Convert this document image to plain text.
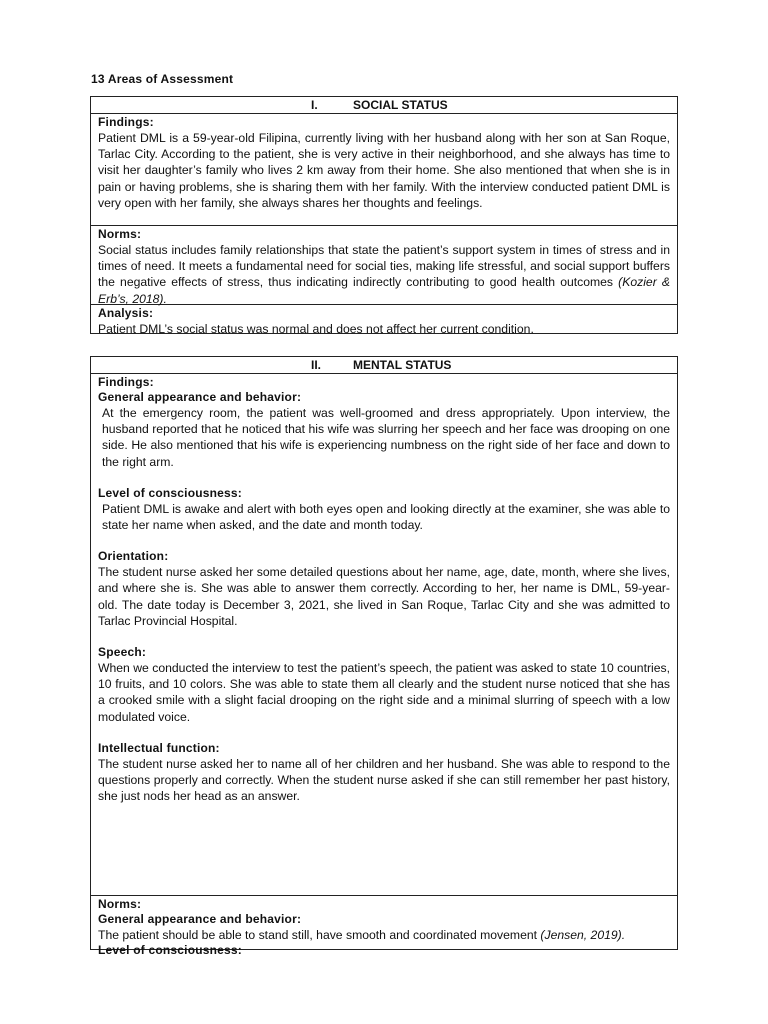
13 Areas of Assessment
I.	SOCIAL STATUS
Findings:

Patient DML is a 59-year-old Filipina, currently living with her husband along with her son at San Roque, Tarlac City. According to the patient, she is very active in their neighborhood, and she always has time to visit her daughter’s family who lives 2 km away from their home. She also mentioned that when she is in pain or having problems, she is sharing them with her family. With the interview conducted patient DML is very open with her family, she always shares her thoughts and feelings.

Norms:

Social status includes family relationships that state the patient’s support system in times of stress and in times of need. It meets a fundamental need for social ties, making life stressful, and social support buffers the negative effects of stress, thus indicating indirectly contributing to good health outcomes (Kozier & Erb’s, 2018).

Analysis:

Patient DML’s social status was normal and does not affect her current condition.

II.	MENTAL STATUS
Findings:
General appearance and behavior:

At the emergency room, the patient was well-groomed and dress appropriately. Upon interview, the husband reported that he noticed that his wife was slurring her speech and her face was drooping on one side. He also mentioned that his wife is experiencing numbness on the right side of her face and down to the right arm.

Level of consciousness:

Patient DML is awake and alert with both eyes open and looking directly at the examiner, she was able to state her name when asked, and the date and month today.

Orientation:

The student nurse asked her some detailed questions about her name, age, date, month, where she lives, and where she is. She was able to answer them correctly. According to her, her name is DML, 59-year-old. The date today is December 3, 2021, she lived in San Roque, Tarlac City and she was admitted to Tarlac Provincial Hospital.

Speech:

When we conducted the interview to test the patient’s speech, the patient was asked to state 10 countries, 10 fruits, and 10 colors. She was able to state them all clearly and the student nurse noticed that she has a crooked smile with a slight facial drooping on the right side and a minimal slurring of speech with a low modulated voice.

Intellectual function:

The student nurse asked her to name all of her children and her husband. She was able to respond to the questions properly and correctly. When the student nurse asked if she can still remember her past history, she just nods her head as an answer.

Norms:
General appearance and behavior:

The patient should be able to stand still, have smooth and coordinated movement (Jensen, 2019).

Level of consciousness:
